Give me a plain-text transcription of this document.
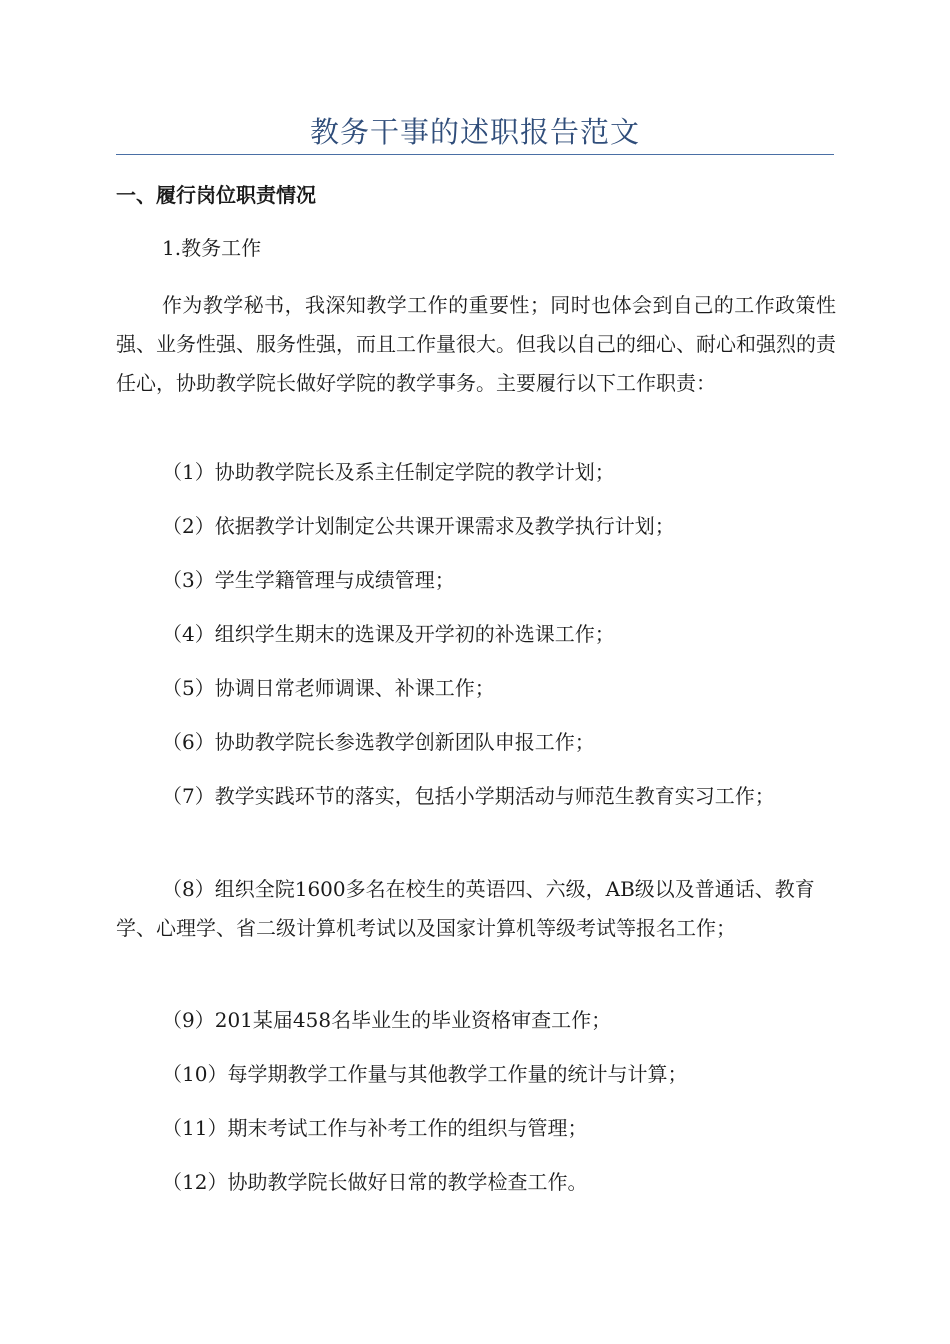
教务干事的述职报告范文
一、履行岗位职责情况
1.教务工作
作为教学秘书，我深知教学工作的重要性；同时也体会到自己的工作政策性强、业务性强、服务性强，而且工作量很大。但我以自己的细心、耐心和强烈的责任心，协助教学院长做好学院的教学事务。主要履行以下工作职责：
（1）协助教学院长及系主任制定学院的教学计划；
（2）依据教学计划制定公共课开课需求及教学执行计划；
（3）学生学籍管理与成绩管理；
（4）组织学生期末的选课及开学初的补选课工作；
（5）协调日常老师调课、补课工作；
（6）协助教学院长参选教学创新团队申报工作；
（7）教学实践环节的落实，包括小学期活动与师范生教育实习工作；
（8）组织全院1600多名在校生的英语四、六级，AB级以及普通话、教育学、心理学、省二级计算机考试以及国家计算机等级考试等报名工作；
（9）201某届458名毕业生的毕业资格审查工作；
（10）每学期教学工作量与其他教学工作量的统计与计算；
（11）期末考试工作与补考工作的组织与管理；
（12）协助教学院长做好日常的教学检查工作。
